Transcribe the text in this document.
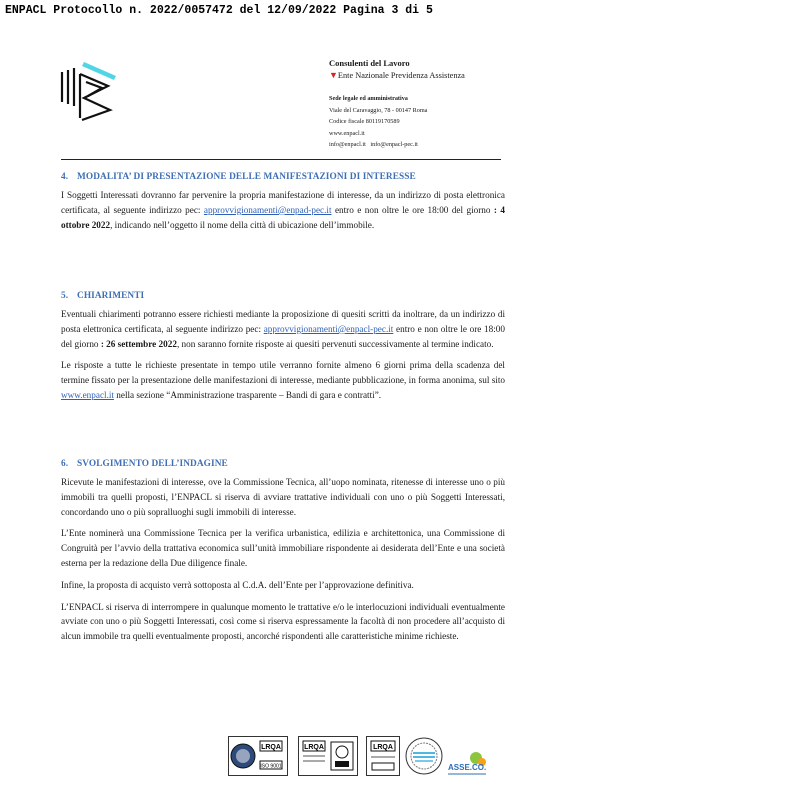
ENPACL Protocollo n. 2022/0057472 del 12/09/2022 Pagina 3 di 5
Consulenti del Lavoro
▼Ente Nazionale Previdenza Assistenza
Sede legale ed amministrativa
Viale del Caravaggio, 78 - 00147 Roma
Codice fiscale 80119170589
www.enpacl.it
info@enpacl.it   info@enpacl-pec.it
4. MODALITA’ DI PRESENTAZIONE DELLE MANIFESTAZIONI DI INTERESSE

I Soggetti Interessati dovranno far pervenire la propria manifestazione di interesse, da un indirizzo di posta elettronica certificata, al seguente indirizzo pec: approvvigionamenti@enpad-pec.it entro e non oltre le ore 18:00 del giorno : 4 ottobre 2022, indicando nell’oggetto il nome della città di ubicazione dell’immobile.

5. CHIARIMENTI

Eventuali chiarimenti potranno essere richiesti mediante la proposizione di quesiti scritti da inoltrare, da un indirizzo di posta elettronica certificata, al seguente indirizzo pec: approvvigionamenti@enpacl-pec.it entro e non oltre le ore 18:00 del giorno : 26 settembre 2022, non saranno fornite risposte ai quesiti pervenuti successivamente al termine indicato.

Le risposte a tutte le richieste presentate in tempo utile verranno fornite almeno 6 giorni prima della scadenza del termine fissato per la presentazione delle manifestazioni di interesse, mediante pubblicazione, in forma anonima, sul sito www.enpacl.it nella sezione “Amministrazione trasparente – Bandi di gara e contratti”.

6. SVOLGIMENTO DELL’INDAGINE

Ricevute le manifestazioni di interesse, ove la Commissione Tecnica, all’uopo nominata, ritenesse di interesse uno o più immobili tra quelli proposti, l’ENPACL si riserva di avviare trattative individuali con uno o più Soggetti Interessati, concordando uno o più sopralluoghi sugli immobili di interesse.

L’Ente nominerà una Commissione Tecnica per la verifica urbanistica, edilizia e architettonica, una Commissione di Congruità per l’avvio della trattativa economica sull’unità immobiliare rispondente ai desiderata dell’Ente e una società esterna per la redazione della Due diligence finale.

Infine, la proposta di acquisto verrà sottoposta al C.d.A. dell’Ente per l’approvazione definitiva.

L’ENPACL si riserva di interrompere in qualunque momento le trattative e/o le interlocuzioni individuali eventualmente avviate con uno o più Soggetti Interessati, così come si riserva espressamente la facoltà di non procedere all’acquisto di alcun immobile tra quelli eventualmente proposti, ancorché rispondenti alle caratteristiche minime richieste.

LRQA
ISO 9001
LRQA	LRQA
ASSE.CO.
